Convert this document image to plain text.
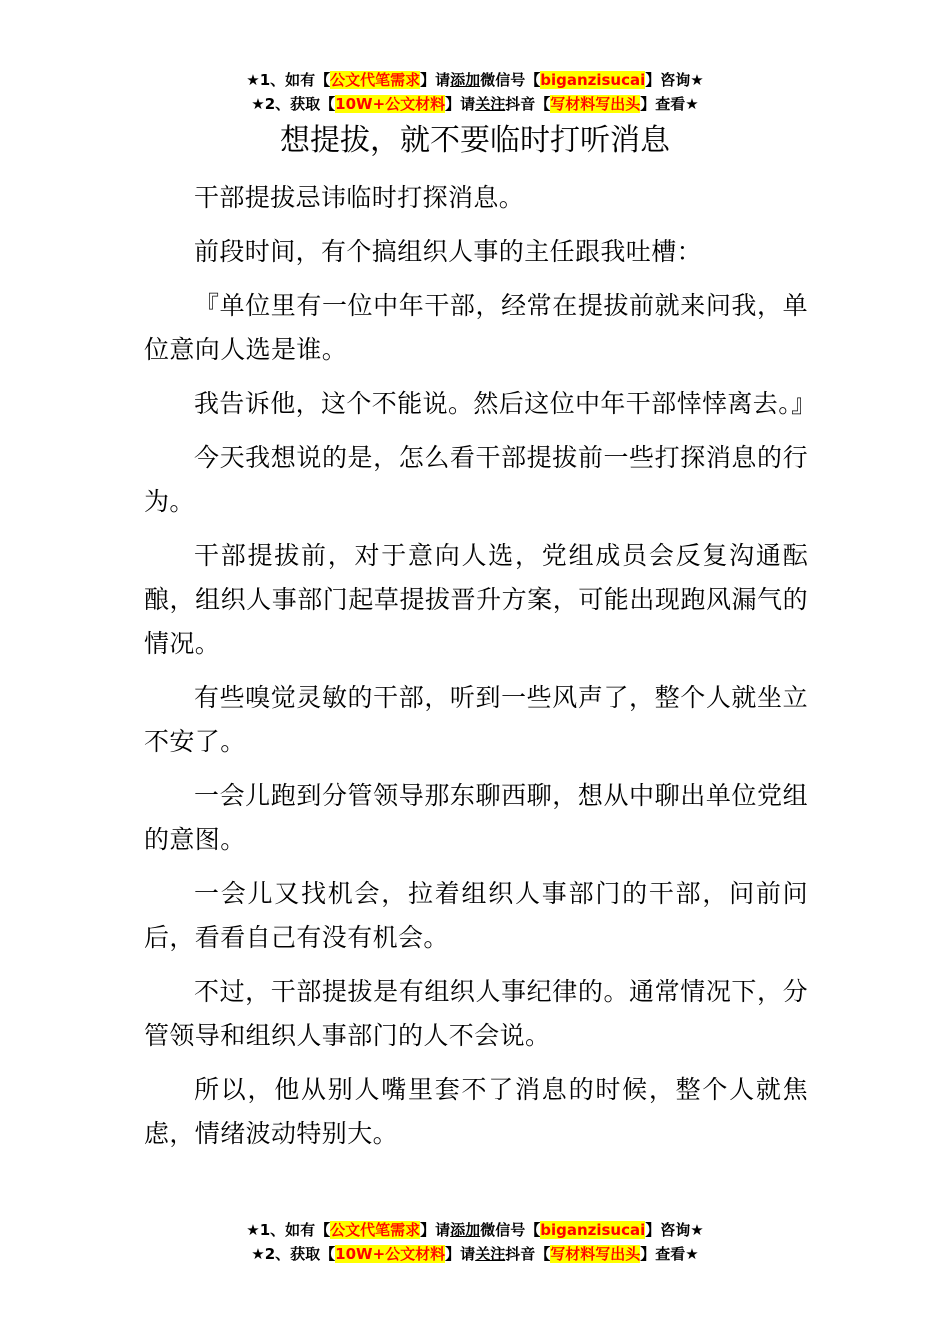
★1、如有【公文代笔需求】请添加微信号【biganzisucai】咨询★
★2、获取【10W+公文材料】请关注抖音【写材料写出头】查看★
想提拔，就不要临时打听消息

干部提拔忌讳临时打探消息。

前段时间，有个搞组织人事的主任跟我吐槽：

『单位里有一位中年干部，经常在提拔前就来问我，单位意向人选是谁。

我告诉他，这个不能说。然后这位中年干部悻悻离去。』

今天我想说的是，怎么看干部提拔前一些打探消息的行为。

干部提拔前，对于意向人选，党组成员会反复沟通酝酿，组织人事部门起草提拔晋升方案，可能出现跑风漏气的情况。

有些嗅觉灵敏的干部，听到一些风声了，整个人就坐立不安了。

一会儿跑到分管领导那东聊西聊，想从中聊出单位党组的意图。

一会儿又找机会，拉着组织人事部门的干部，问前问后，看看自己有没有机会。

不过，干部提拔是有组织人事纪律的。通常情况下，分管领导和组织人事部门的人不会说。

所以，他从别人嘴里套不了消息的时候，整个人就焦虑，情绪波动特别大。

★1、如有【公文代笔需求】请添加微信号【biganzisucai】咨询★
★2、获取【10W+公文材料】请关注抖音【写材料写出头】查看★
